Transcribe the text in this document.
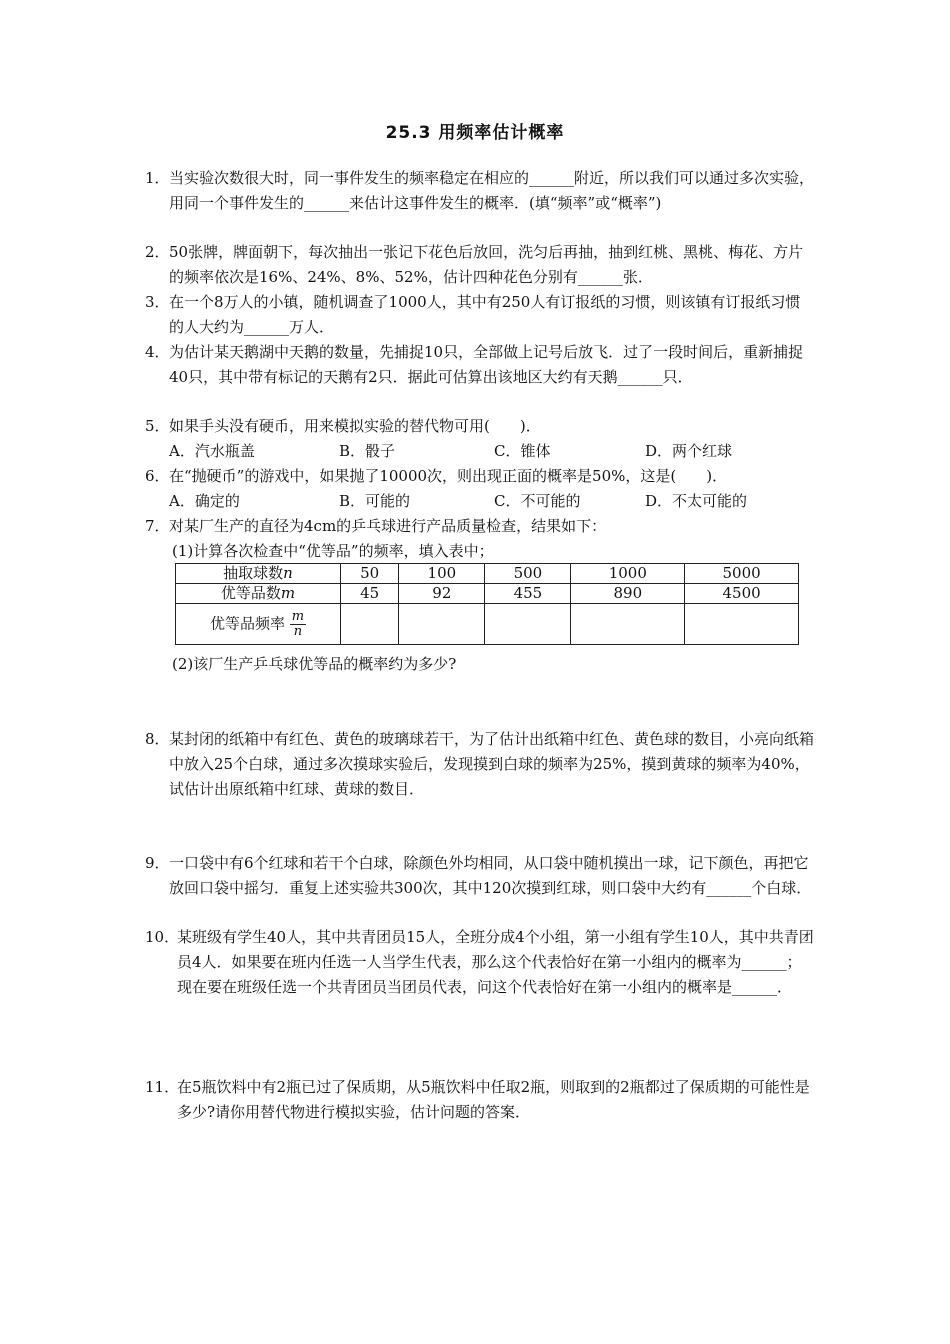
25.3 用频率估计概率
1． 当实验次数很大时，同一事件发生的频率稳定在相应的______附近，所以我们可以通过多次实验，用同一个事件发生的______来估计这事件发生的概率．(填“频率”或“概率”)
2． 50张牌，牌面朝下，每次抽出一张记下花色后放回，洗匀后再抽，抽到红桃、黑桃、梅花、方片的频率依次是16%、24%、8%、52%，估计四种花色分别有______张．
3． 在一个8万人的小镇，随机调查了1000人，其中有250人有订报纸的习惯，则该镇有订报纸习惯的人大约为______万人．
4． 为估计某天鹅湖中天鹅的数量，先捕捉10只，全部做上记号后放飞．过了一段时间后，重新捕捉40只，其中带有标记的天鹅有2只．据此可估算出该地区大约有天鹅______只．
5． 如果手头没有硬币，用来模拟实验的替代物可用(　　)．
A．汽水瓶盖	B．骰子	C．锥体	D．两个红球
6． 在“抛硬币”的游戏中，如果抛了10000次，则出现正面的概率是50%，这是(　　)．
A．确定的	B．可能的	C．不可能的	D．不太可能的
7． 对某厂生产的直径为4cm的乒乓球进行产品质量检查，结果如下：
(1)计算各次检查中“优等品”的频率，填入表中；
抽取球数n	50	100	500	1000	5000
优等品数m	45	92	455	890	4500
优等品频率 $\frac{m}{n}$

(2)该厂生产乒乓球优等品的概率约为多少?
8． 某封闭的纸箱中有红色、黄色的玻璃球若干，为了估计出纸箱中红色、黄色球的数目，小亮向纸箱中放入25个白球，通过多次摸球实验后，发现摸到白球的频率为25%，摸到黄球的频率为40%，试估计出原纸箱中红球、黄球的数目．
9． 一口袋中有6个红球和若干个白球，除颜色外均相同，从口袋中随机摸出一球，记下颜色，再把它放回口袋中摇匀．重复上述实验共300次，其中120次摸到红球，则口袋中大约有______个白球．
10．
某班级有学生40人，其中共青团员15人，全班分成4个小组，第一小组有学生10人，其中共青团员4人．如果要在班内任选一人当学生代表，那么这个代表恰好在第一小组内的概率为______；现在要在班级任选一个共青团员当团员代表，问这个代表恰好在第一小组内的概率是______．
11．
在5瓶饮料中有2瓶已过了保质期，从5瓶饮料中任取2瓶，则取到的2瓶都过了保质期的可能性是多少?请你用替代物进行模拟实验，估计问题的答案．
